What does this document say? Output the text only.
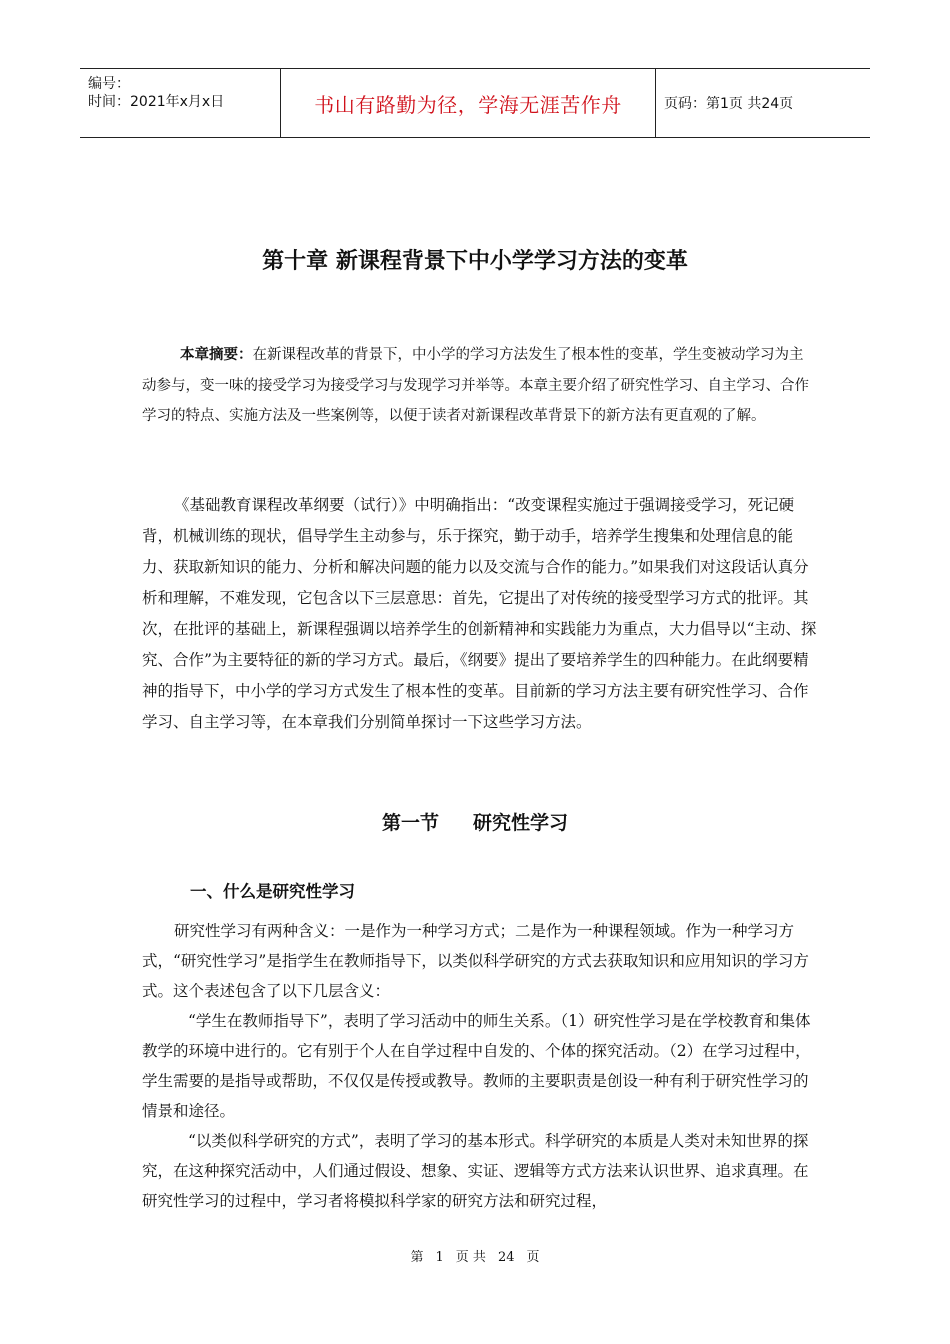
编号：
时间：2021年x月x日	书山有路勤为径，学海无涯苦作舟	页码：第1页 共24页
第十章 新课程背景下中小学学习方法的变革

本章摘要：在新课程改革的背景下，中小学的学习方法发生了根本性的变革，学生变被动学习为主动参与，变一味的接受学习为接受学习与发现学习并举等。本章主要介绍了研究性学习、自主学习、合作学习的特点、实施方法及一些案例等，以便于读者对新课程改革背景下的新方法有更直观的了解。

《基础教育课程改革纲要（试行）》中明确指出：“改变课程实施过于强调接受学习，死记硬背，机械训练的现状，倡导学生主动参与，乐于探究，勤于动手，培养学生搜集和处理信息的能力、获取新知识的能力、分析和解决问题的能力以及交流与合作的能力。”如果我们对这段话认真分析和理解，不难发现，它包含以下三层意思：首先，它提出了对传统的接受型学习方式的批评。其次，在批评的基础上，新课程强调以培养学生的创新精神和实践能力为重点，大力倡导以“主动、探究、合作”为主要特征的新的学习方式。最后，《纲要》提出了要培养学生的四种能力。在此纲要精神的指导下，中小学的学习方式发生了根本性的变革。目前新的学习方法主要有研究性学习、合作学习、自主学习等，在本章我们分别简单探讨一下这些学习方法。

第一节 研究性学习
一、什么是研究性学习

研究性学习有两种含义：一是作为一种学习方式；二是作为一种课程领域。作为一种学习方式，“研究性学习”是指学生在教师指导下，以类似科学研究的方式去获取知识和应用知识的学习方式。这个表述包含了以下几层含义：

“学生在教师指导下”，表明了学习活动中的师生关系。（1）研究性学习是在学校教育和集体教学的环境中进行的。它有别于个人在自学过程中自发的、个体的探究活动。（2）在学习过程中，学生需要的是指导或帮助，不仅仅是传授或教导。教师的主要职责是创设一种有利于研究性学习的情景和途径。

“以类似科学研究的方式”，表明了学习的基本形式。科学研究的本质是人类对未知世界的探究，在这种探究活动中，人们通过假设、想象、实证、逻辑等方式方法来认识世界、追求真理。在研究性学习的过程中，学习者将模拟科学家的研究方法和研究过程，

第 1 页 共 24 页
